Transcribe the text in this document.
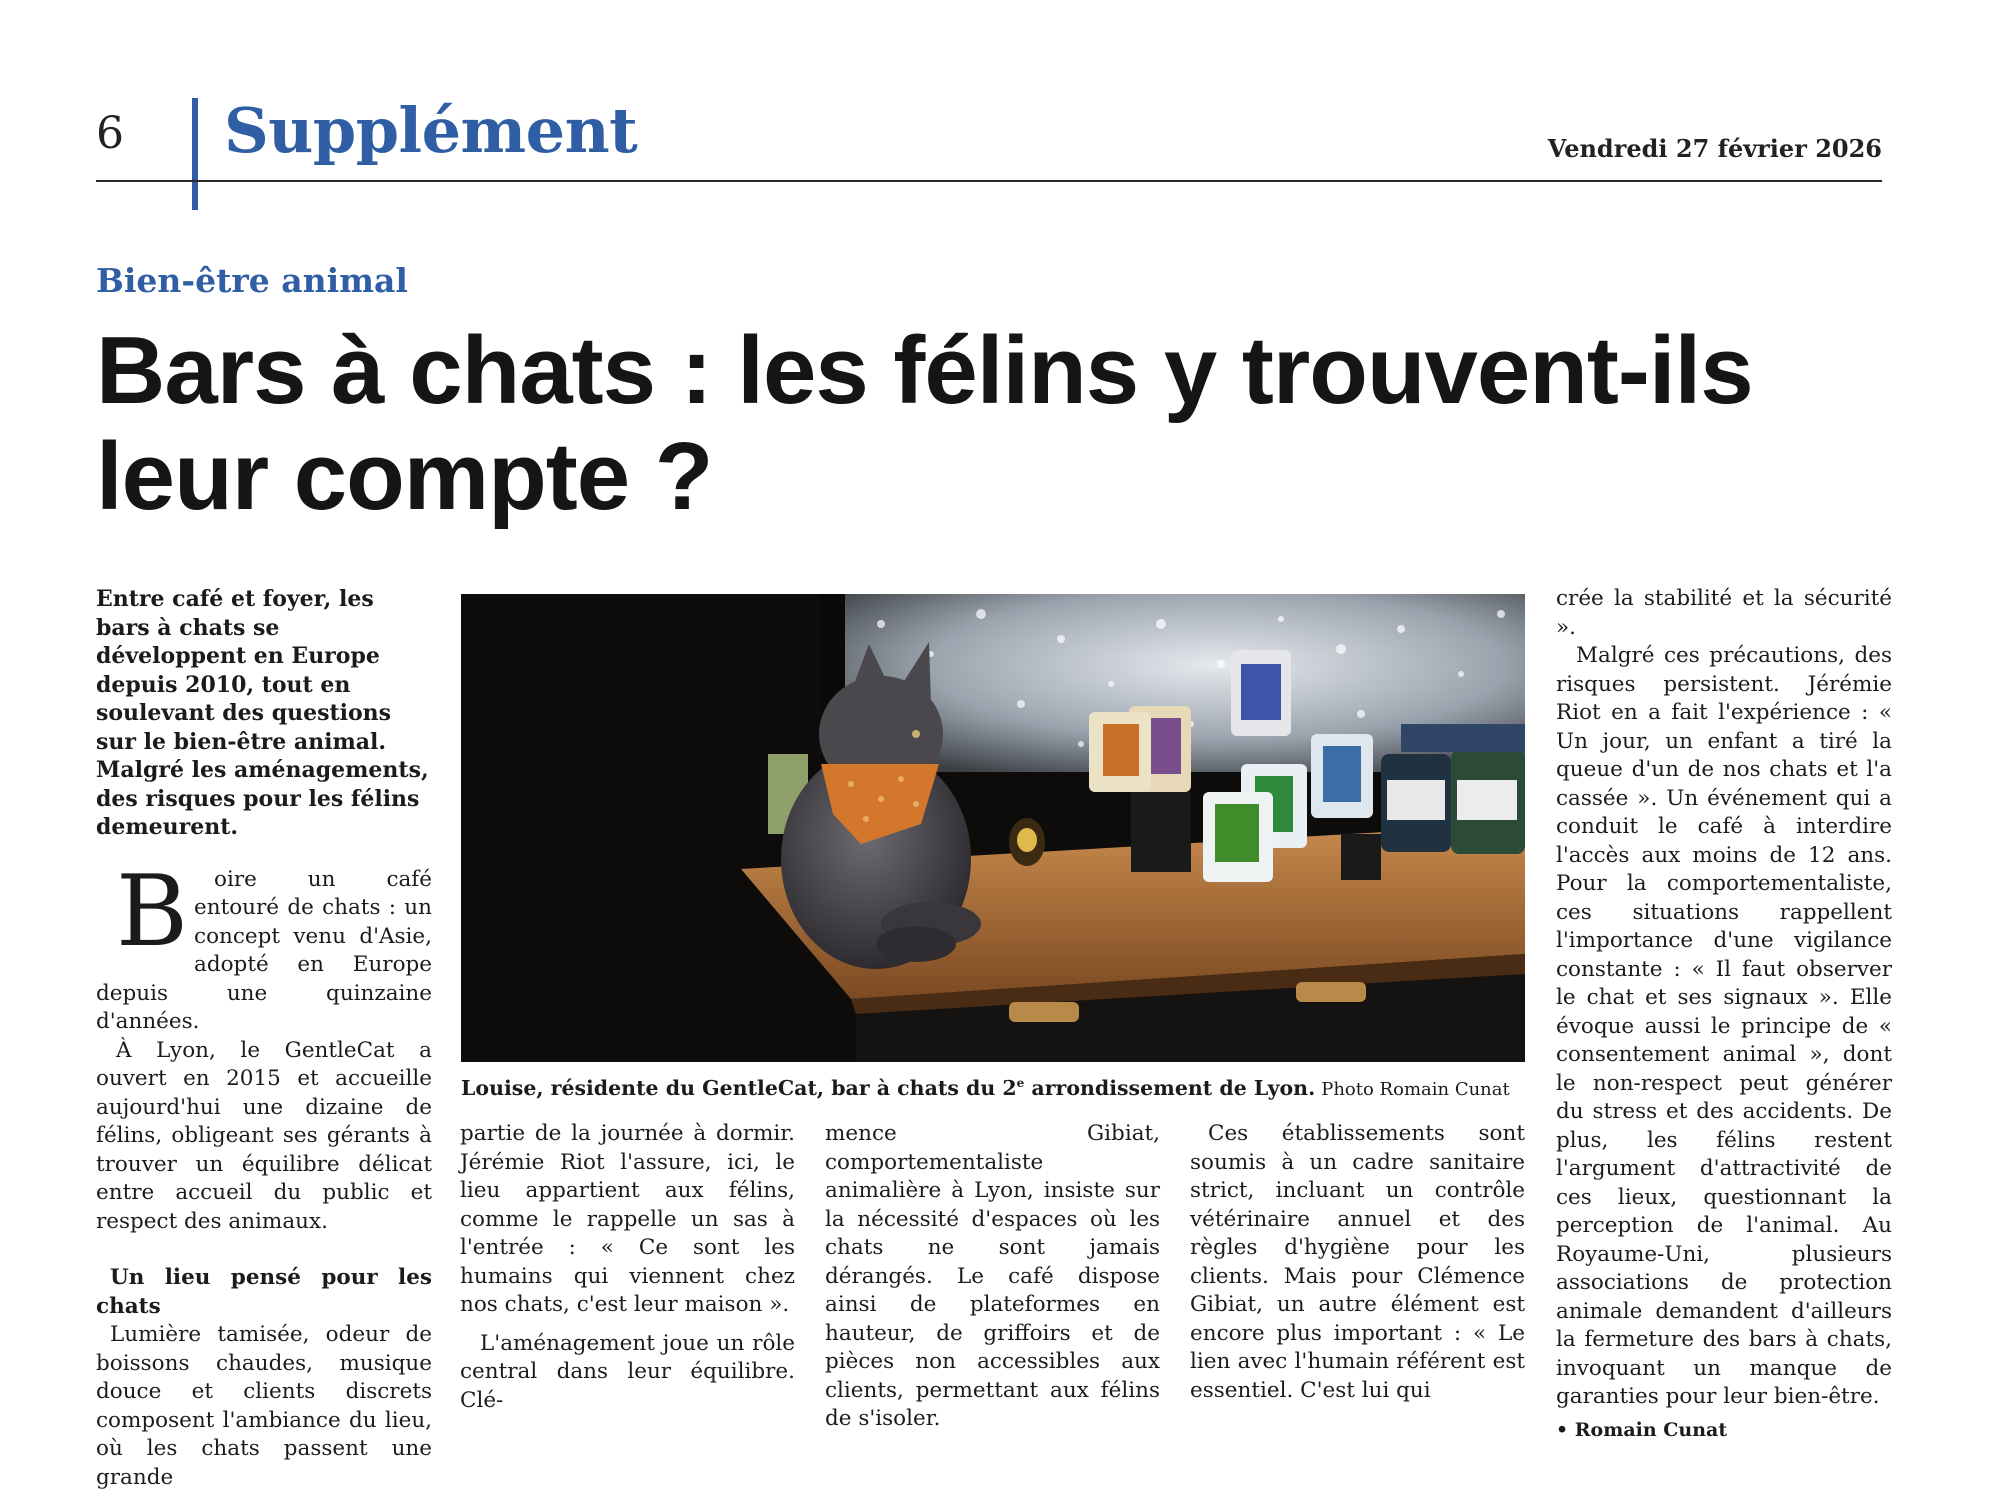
6 Supplément	Vendredi 27 février 2026
Bien-être animal
Bars à chats : les félins y trouvent-ils
leur compte ?

Entre café et foyer, les bars à chats se développent en Europe depuis 2010, tout en soulevant des questions sur le bien-être animal. Malgré les aménagements, des risques pour les félins demeurent.

B oire un café entouré de chats : un concept venu d'Asie, adopté en Europe depuis une quinzaine d'années.

À Lyon, le GentleCat a ouvert en 2015 et accueille aujourd'hui une dizaine de félins, obligeant ses gérants à trouver un équilibre délicat entre accueil du public et respect des animaux.

Un lieu pensé pour les chats

Lumière tamisée, odeur de boissons chaudes, musique douce et clients discrets composent l'ambiance du lieu, où les chats passent une grande

Louise, résidente du GentleCat, bar à chats du 2e arrondissement de Lyon. Photo Romain Cunat

partie de la journée à dormir. Jérémie Riot l'assure, ici, le lieu appartient aux félins, comme le rappelle un sas à l'entrée : « Ce sont les humains qui viennent chez nos chats, c'est leur maison ».

L'aménagement joue un rôle central dans leur équilibre. Clé-

mence Gibiat, comportementaliste animalière à Lyon, insiste sur la nécessité d'espaces où les chats ne sont jamais dérangés. Le café dispose ainsi de plateformes en hauteur, de griffoirs et de pièces non accessibles aux clients, permettant aux félins de s'isoler.

Ces établissements sont soumis à un cadre sanitaire strict, incluant un contrôle vétérinaire annuel et des règles d'hygiène pour les clients. Mais pour Clémence Gibiat, un autre élément est encore plus important : « Le lien avec l'humain référent est essentiel. C'est lui qui

crée la stabilité et la sécurité ».

Malgré ces précautions, des risques persistent. Jérémie Riot en a fait l'expérience : « Un jour, un enfant a tiré la queue d'un de nos chats et l'a cassée ». Un événement qui a conduit le café à interdire l'accès aux moins de 12 ans. Pour la comportementaliste, ces situations rappellent l'importance d'une vigilance constante : « Il faut observer le chat et ses signaux ». Elle évoque aussi le principe de « consentement animal », dont le non-respect peut générer du stress et des accidents. De plus, les félins restent l'argument d'attractivité de ces lieux, questionnant la perception de l'animal. Au Royaume-Uni, plusieurs associations de protection animale demandent d'ailleurs la fermeture des bars à chats, invoquant un manque de garanties pour leur bien-être.

• Romain Cunat
